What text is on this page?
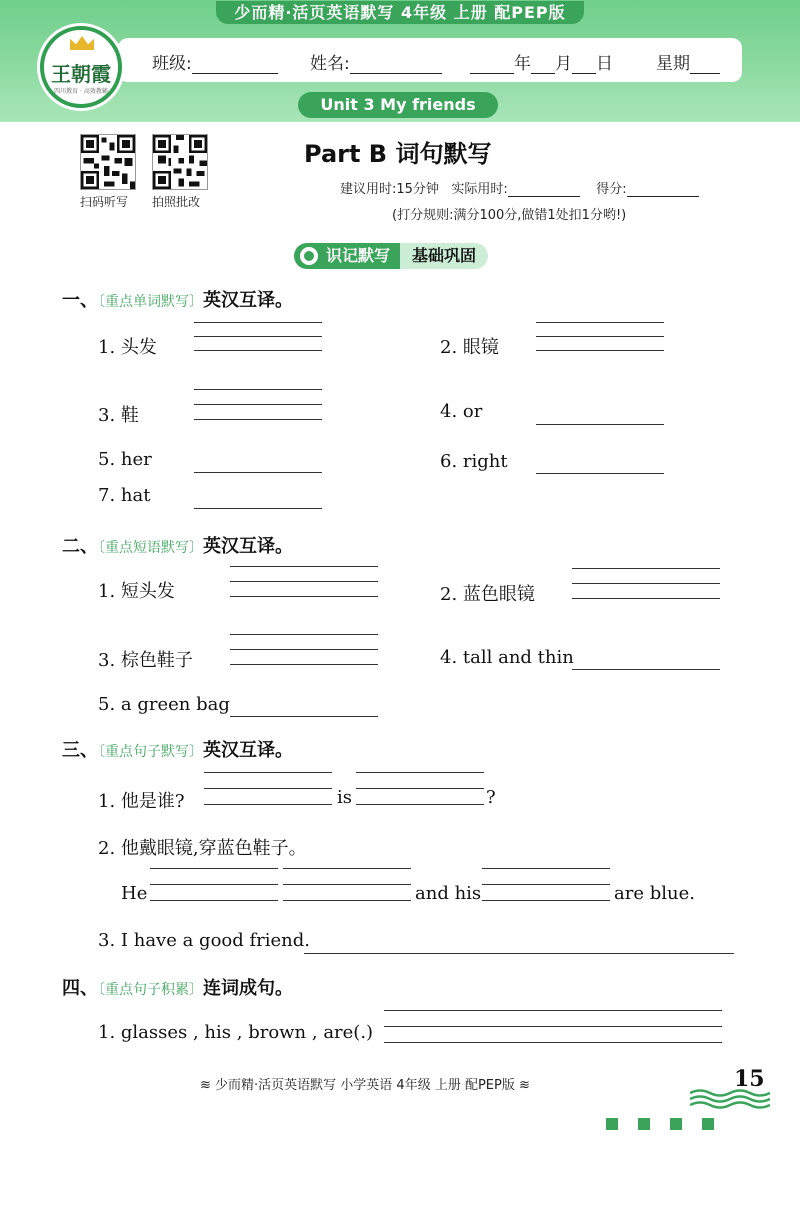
少而精·活页英语默写 4年级 上册 配PEP版
班级:	姓名:	年 月 日	星期
王朝霞
四川教育 · 高效教辅
Unit 3 My friends
扫码听写 拍照批改
Part B 词句默写
建议用时:15分钟 实际用时:	得分:
(打分规则:满分100分,做错1处扣1分哟!)
识记默写	基础巩固
一、〔重点单词默写〕英汉互译。
1. 头发	2. 眼镜
3. 鞋	4. or
5. her	6. right
7. hat
二、〔重点短语默写〕英汉互译。
1. 短头发	2. 蓝色眼镜
3. 棕色鞋子	4. tall and thin
5. a green bag
三、〔重点句子默写〕英汉互译。
1. 他是谁?	is	?
2. 他戴眼镜,穿蓝色鞋子。
He	and his	are blue.
3. I have a good friend.
四、〔重点句子积累〕连词成句。
1. glasses , his , brown , are(.)
≋ 少而精·活页英语默写 小学英语 4年级 上册 配PEP版 ≋	15
